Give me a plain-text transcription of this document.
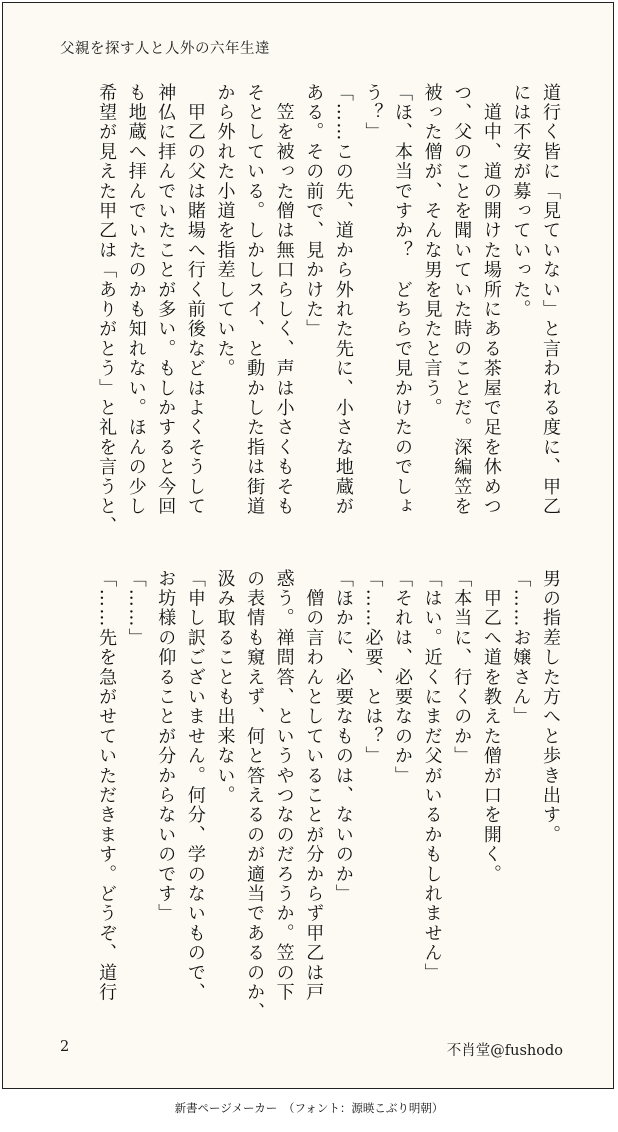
父親を探す人と人外の六年生達
道行く皆に「見ていない」と言われる度に、甲乙
には不安が募っていった。
　道中、道の開けた場所にある茶屋で足を休めつ
つ、父のことを聞いていた時のことだ。深編笠を
被った僧が、そんな男を見たと言う。
「ほ、本当ですか？　どちらで見かけたのでしょ
う？」
「……この先、道から外れた先に、小さな地蔵が
ある。その前で、見かけた」
　笠を被った僧は無口らしく、声は小さくもそも
そとしている。しかしスイ、と動かした指は街道
から外れた小道を指差していた。
　甲乙の父は賭場へ行く前後などはよくそうして
神仏に拝んでいたことが多い。もしかすると今回
も地蔵へ拝んでいたのかも知れない。ほんの少し
希望が見えた甲乙は「ありがとう」と礼を言うと、
男の指差した方へと歩き出す。
「……お嬢さん」
　甲乙へ道を教えた僧が口を開く。
「本当に、行くのか」
「はい。近くにまだ父がいるかもしれません」
「それは、必要なのか」
「……必要、とは？」
「ほかに、必要なものは、ないのか」
　僧の言わんとしていることが分からず甲乙は戸
惑う。禅問答、というやつなのだろうか。笠の下
の表情も窺えず、何と答えるのが適当であるのか、
汲み取ることも出来ない。
「申し訳ございません。何分、学のないもので、
お坊様の仰ることが分からないのです」
「……」
「……先を急がせていただきます。どうぞ、道行
2	不肖堂@fushodo
新書ページメーカー　（フォント：源暎こぶり明朝）
